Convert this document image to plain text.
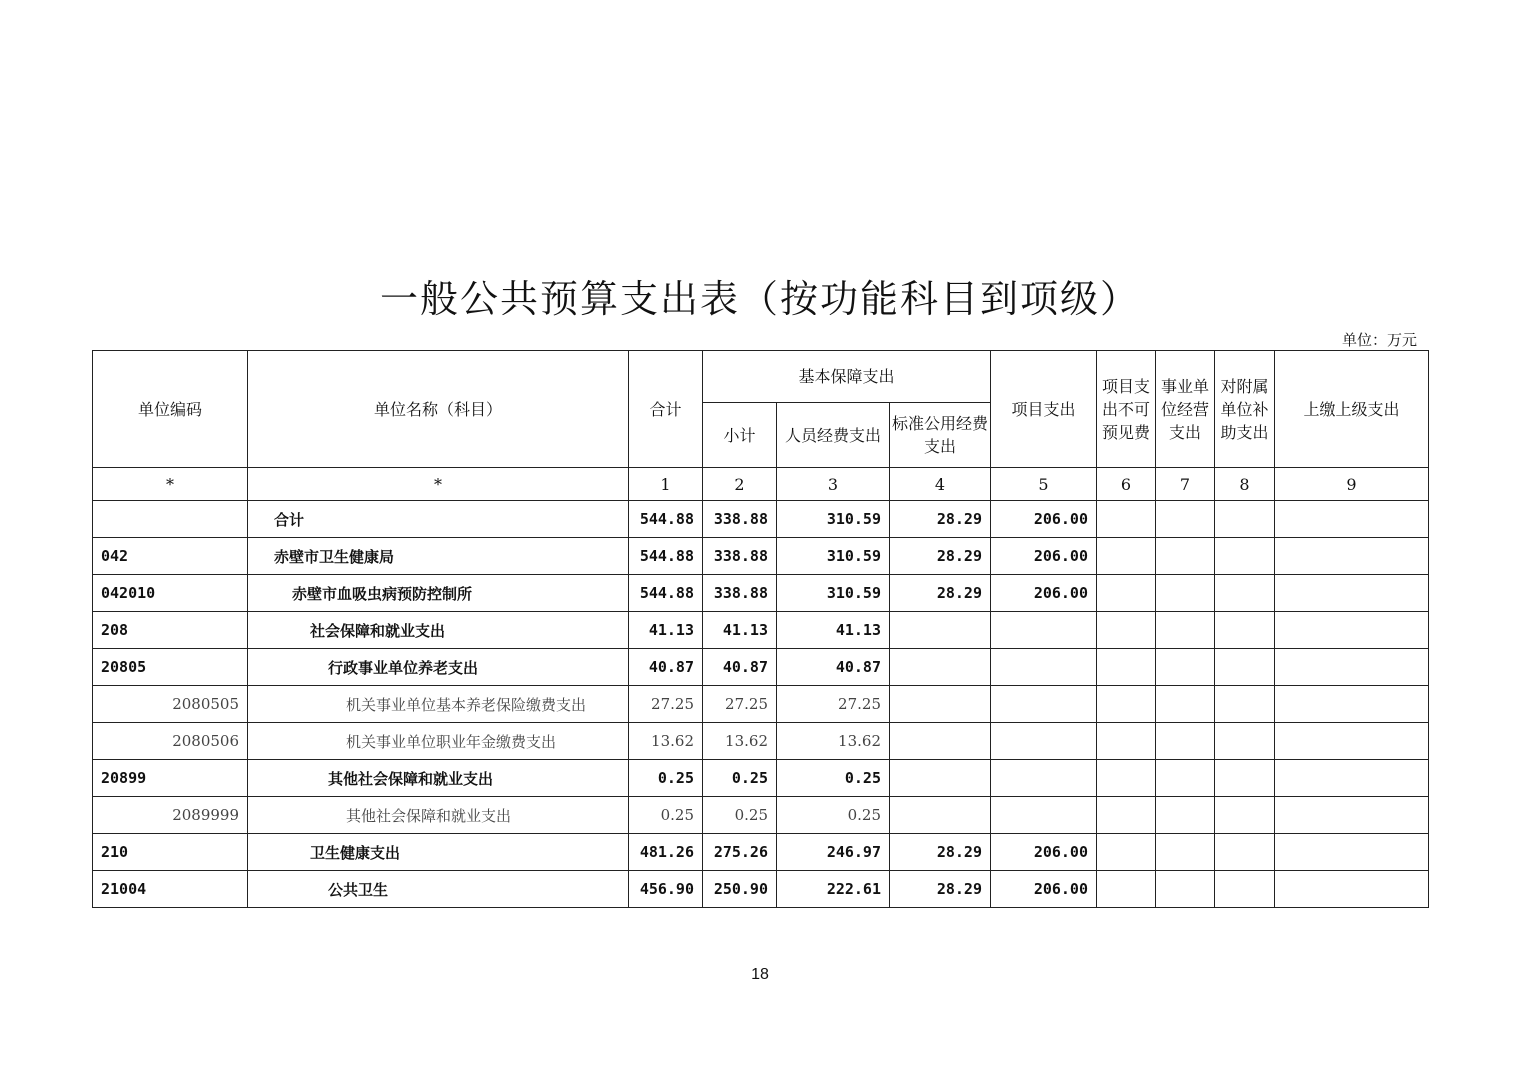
一般公共预算支出表（按功能科目到项级）
单位：万元
单位编码	单位名称（科目）	合计	基本保障支出			项目支出	项目支出不可预见费	事业单位经营支出	对附属单位补助支出	上缴上级支出
			小计	人员经费支出	标准公用经费支出					
*	*	1	2	3	4	5	6	7	8	9
	合计	544.88	338.88	310.59	28.29	206.00				
042	赤壁市卫生健康局	544.88	338.88	310.59	28.29	206.00				
042010	赤壁市血吸虫病预防控制所	544.88	338.88	310.59	28.29	206.00				
208	社会保障和就业支出	41.13	41.13	41.13						
20805	行政事业单位养老支出	40.87	40.87	40.87						
2080505	机关事业单位基本养老保险缴费支出	27.25	27.25	27.25						
2080506	机关事业单位职业年金缴费支出	13.62	13.62	13.62						
20899	其他社会保障和就业支出	0.25	0.25	0.25						
2089999	其他社会保障和就业支出	0.25	0.25	0.25						
210	卫生健康支出	481.26	275.26	246.97	28.29	206.00				
21004	公共卫生	456.90	250.90	222.61	28.29	206.00				
18
